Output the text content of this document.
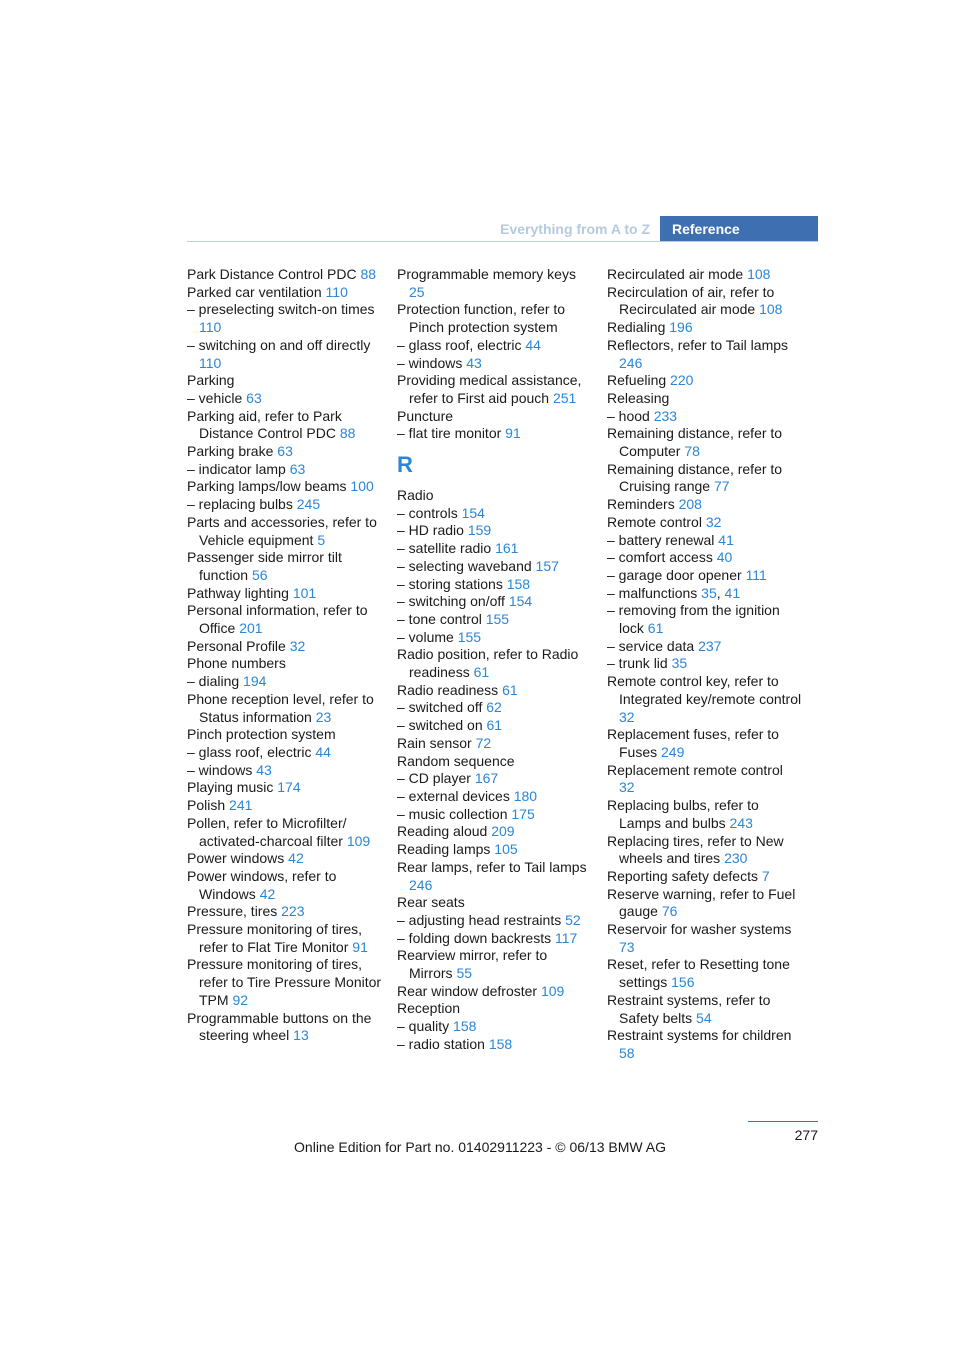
Everything from A to Z	Reference
Park Distance Control PDC 88
Parked car ventilation 110
– preselecting switch-on times 110
– switching on and off directly 110
Parking
– vehicle 63
Parking aid, refer to Park Distance Control PDC 88
Parking brake 63
– indicator lamp 63
Parking lamps/low beams 100
– replacing bulbs 245
Parts and accessories, refer to Vehicle equipment 5
Passenger side mirror tilt function 56
Pathway lighting 101
Personal information, refer to Office 201
Personal Profile 32
Phone numbers
– dialing 194
Phone reception level, refer to Status information 23
Pinch protection system
– glass roof, electric 44
– windows 43
Playing music 174
Polish 241
Pollen, refer to Microfilter/ activated-charcoal filter 109
Power windows 42
Power windows, refer to Windows 42
Pressure, tires 223
Pressure monitoring of tires, refer to Flat Tire Monitor 91
Pressure monitoring of tires, refer to Tire Pressure Monitor TPM 92
Programmable buttons on the steering wheel 13
Programmable memory keys 25
Protection function, refer to Pinch protection system
– glass roof, electric 44
– windows 43
Providing medical assistance, refer to First aid pouch 251
Puncture
– flat tire monitor 91
R
Radio
– controls 154
– HD radio 159
– satellite radio 161
– selecting waveband 157
– storing stations 158
– switching on/off 154
– tone control 155
– volume 155
Radio position, refer to Radio readiness 61
Radio readiness 61
– switched off 62
– switched on 61
Rain sensor 72
Random sequence
– CD player 167
– external devices 180
– music collection 175
Reading aloud 209
Reading lamps 105
Rear lamps, refer to Tail lamps 246
Rear seats
– adjusting head restraints 52
– folding down backrests 117
Rearview mirror, refer to Mirrors 55
Rear window defroster 109
Reception
– quality 158
– radio station 158
Recirculated air mode 108
Recirculation of air, refer to Recirculated air mode 108
Redialing 196
Reflectors, refer to Tail lamps 246
Refueling 220
Releasing
– hood 233
Remaining distance, refer to Computer 78
Remaining distance, refer to Cruising range 77
Reminders 208
Remote control 32
– battery renewal 41
– comfort access 40
– garage door opener 111
– malfunctions 35, 41
– removing from the ignition lock 61
– service data 237
– trunk lid 35
Remote control key, refer to Integrated key/remote control 32
Replacement fuses, refer to Fuses 249
Replacement remote control 32
Replacing bulbs, refer to Lamps and bulbs 243
Replacing tires, refer to New wheels and tires 230
Reporting safety defects 7
Reserve warning, refer to Fuel gauge 76
Reservoir for washer systems 73
Reset, refer to Resetting tone settings 156
Restraint systems, refer to Safety belts 54
Restraint systems for children 58
277
Online Edition for Part no. 01402911223 - © 06/13 BMW AG
